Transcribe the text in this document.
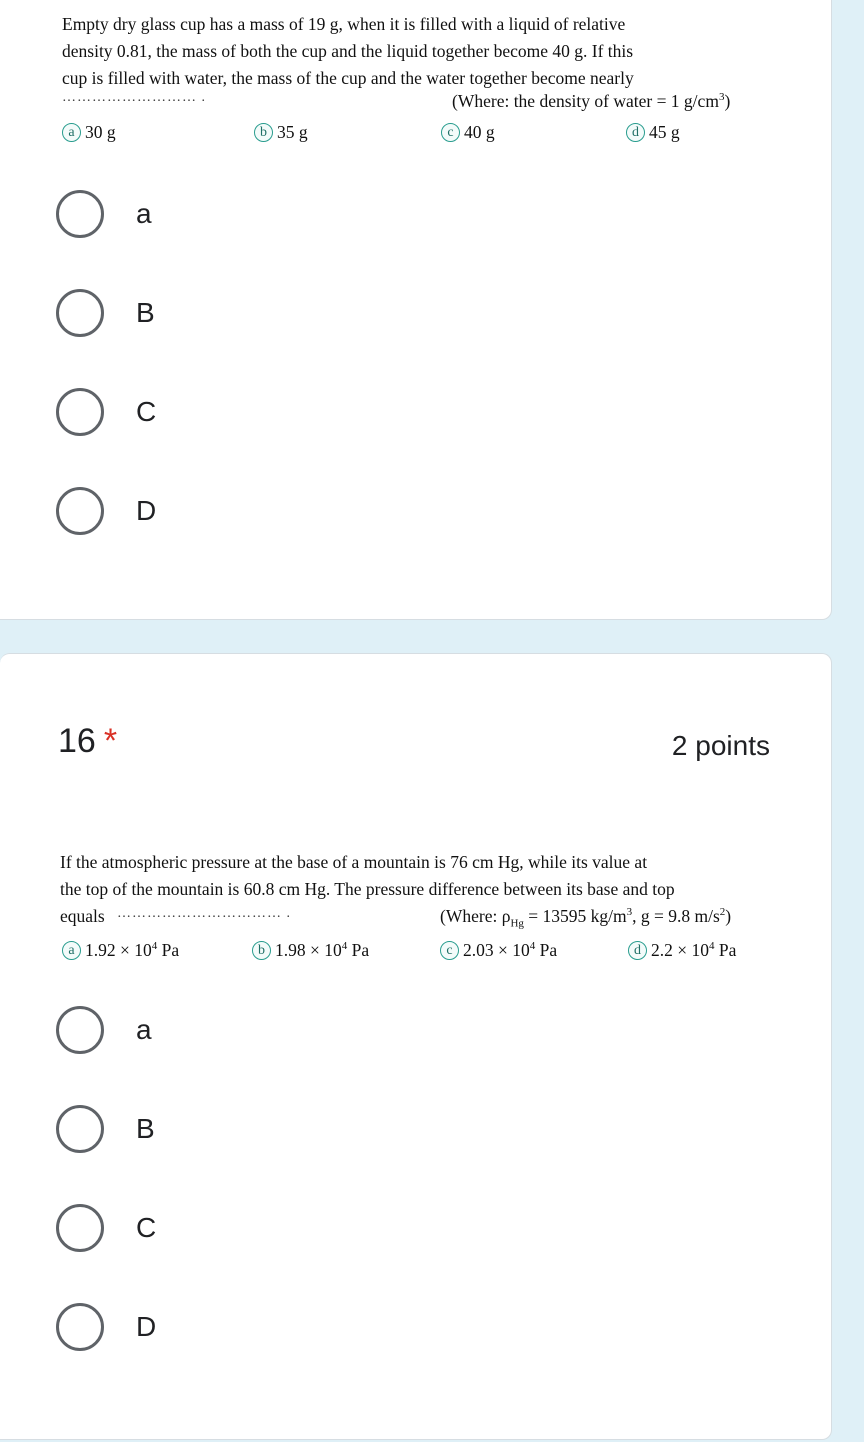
Empty dry glass cup has a mass of 19 g, when it is filled with a liquid of relative
density 0.81, the mass of both the cup and the liquid together become 40 g. If this
cup is filled with water, the mass of the cup and the water together become nearly
……………………… .	(Where: the density of water = 1 $g/cm^3$)
a 30 g	b 35 g	c 40 g	d 45 g
a
B
C
D
16 *	2 points
If the atmospheric pressure at the base of a mountain is 76 cm Hg, while its value at
the top of the mountain is 60.8 cm Hg. The pressure difference between its base and top
equals …………………………… .	(Where: $\rho_{Hg} = 13595$ $kg/m^3$, g = 9.8 $m/s^2$)
a $1.92 \times 10^4$ Pa	b $1.98 \times 10^4$ Pa	c $2.03 \times 10^4$ Pa	d $2.2 \times 10^4$ Pa
a
B
C
D
